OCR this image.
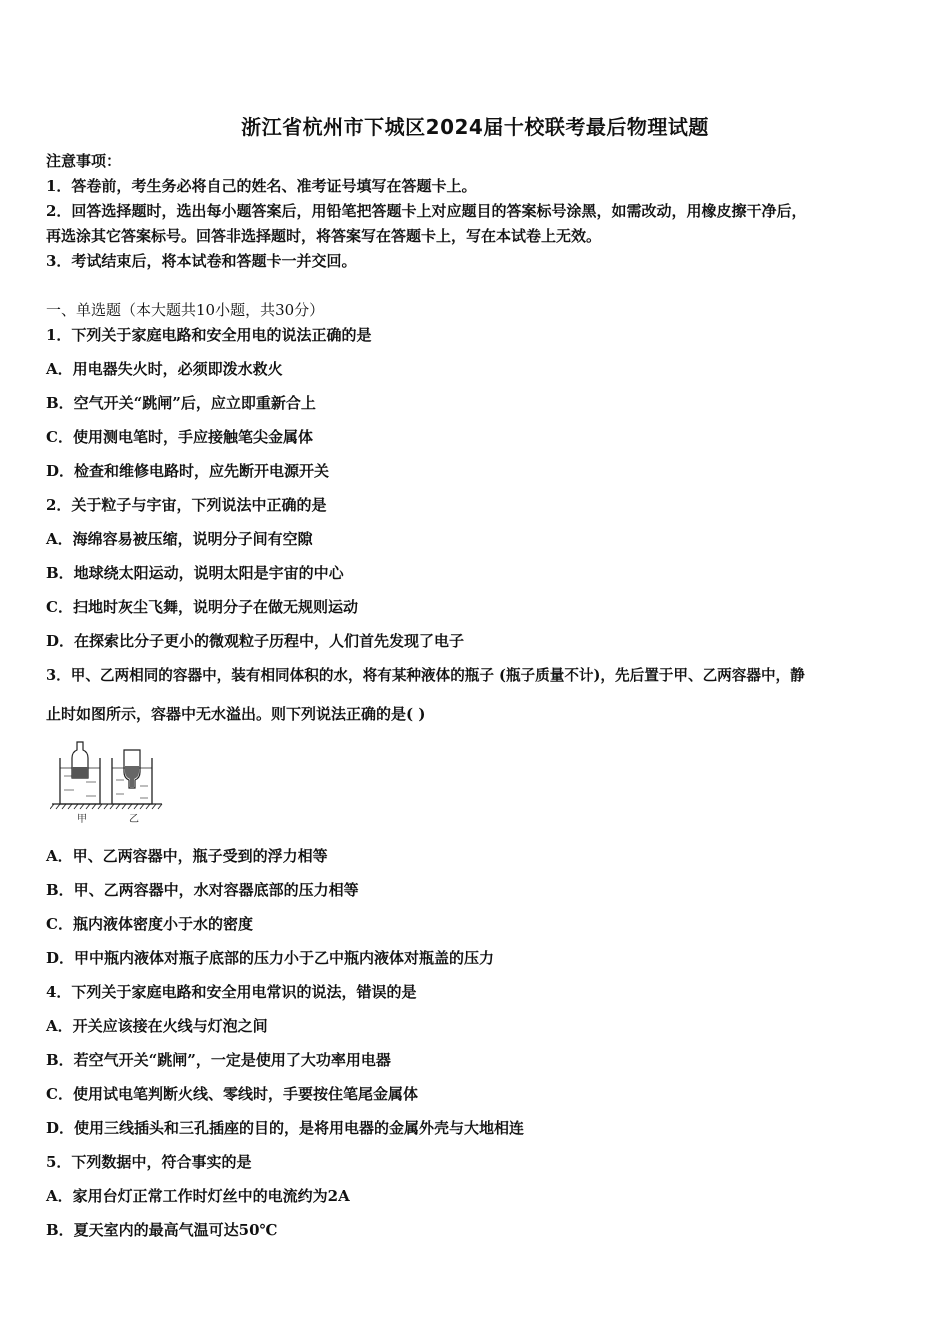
浙江省杭州市下城区2024届十校联考最后物理试题
注意事项：
1．答卷前，考生务必将自己的姓名、准考证号填写在答题卡上。
2．回答选择题时，选出每小题答案后，用铅笔把答题卡上对应题目的答案标号涂黑，如需改动，用橡皮擦干净后，
再选涂其它答案标号。回答非选择题时，将答案写在答题卡上，写在本试卷上无效。
3．考试结束后，将本试卷和答题卡一并交回。
一、单选题（本大题共10小题，共30分）
1．下列关于家庭电路和安全用电的说法正确的是
A．用电器失火时，必须即泼水救火
B．空气开关“跳闸”后，应立即重新合上
C．使用测电笔时，手应接触笔尖金属体
D．检查和维修电路时，应先断开电源开关
2．关于粒子与宇宙，下列说法中正确的是
A．海绵容易被压缩，说明分子间有空隙
B．地球绕太阳运动，说明太阳是宇宙的中心
C．扫地时灰尘飞舞，说明分子在做无规则运动
D．在探索比分子更小的微观粒子历程中，人们首先发现了电子
3．甲、乙两相同的容器中，装有相同体积的水，将有某种液体的瓶子 (瓶子质量不计)，先后置于甲、乙两容器中，静
止时如图所示，容器中无水溢出。则下列说法正确的是( )
甲	乙
A．甲、乙两容器中，瓶子受到的浮力相等
B．甲、乙两容器中，水对容器底部的压力相等
C．瓶内液体密度小于水的密度
D．甲中瓶内液体对瓶子底部的压力小于乙中瓶内液体对瓶盖的压力
4．下列关于家庭电路和安全用电常识的说法，错误的是
A．开关应该接在火线与灯泡之间
B．若空气开关“跳闸”，一定是使用了大功率用电器
C．使用试电笔判断火线、零线时，手要按住笔尾金属体
D．使用三线插头和三孔插座的目的，是将用电器的金属外壳与大地相连
5．下列数据中，符合事实的是
A．家用台灯正常工作时灯丝中的电流约为2A
B．夏天室内的最高气温可达50℃
